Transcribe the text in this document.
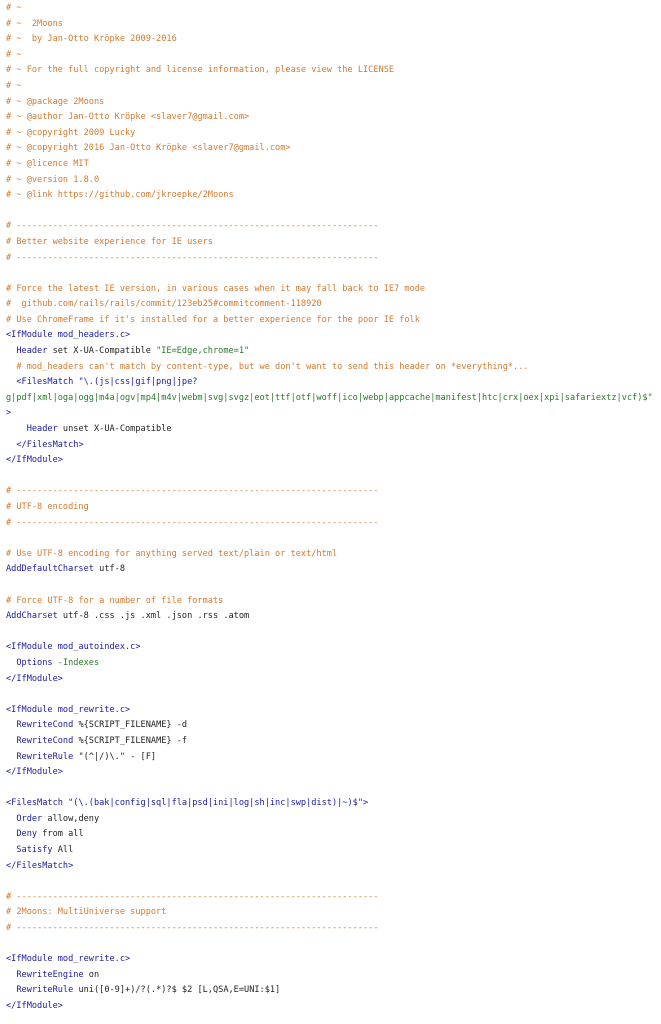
# ~
# ~  2Moons
# ~  by Jan-Otto Kröpke 2009-2016
# ~
# ~ For the full copyright and license information, please view the LICENSE
# ~
# ~ @package 2Moons
# ~ @author Jan-Otto Kröpke <slaver7@gmail.com>
# ~ @copyright 2009 Lucky
# ~ @copyright 2016 Jan-Otto Kröpke <slaver7@gmail.com>
# ~ @licence MIT
# ~ @version 1.8.0
# ~ @link https://github.com/jkroepke/2Moons
# ----------------------------------------------------------------------
# Better website experience for IE users
# ----------------------------------------------------------------------
# Force the latest IE version, in various cases when it may fall back to IE7 mode
#  github.com/rails/rails/commit/123eb25#commitcomment-118920
# Use ChromeFrame if it's installed for a better experience for the poor IE folk
<IfModule mod_headers.c>
Header set X-UA-Compatible "IE=Edge,chrome=1"
# mod_headers can't match by content-type, but we don't want to send this header on *everything*...
<FilesMatch "\.(js|css|gif|png|jpe?
g|pdf|xml|oga|ogg|m4a|ogv|mp4|m4v|webm|svg|svgz|eot|ttf|otf|woff|ico|webp|appcache|manifest|htc|crx|oex|xpi|safariextz|vcf)$"
>
Header unset X-UA-Compatible
</FilesMatch>
</IfModule>
# ----------------------------------------------------------------------
# UTF-8 encoding
# ----------------------------------------------------------------------
# Use UTF-8 encoding for anything served text/plain or text/html
AddDefaultCharset utf-8
# Force UTF-8 for a number of file formats
AddCharset utf-8 .css .js .xml .json .rss .atom
<IfModule mod_autoindex.c>
Options -Indexes
</IfModule>
<IfModule mod_rewrite.c>
RewriteCond %{SCRIPT_FILENAME} -d
RewriteCond %{SCRIPT_FILENAME} -f
RewriteRule "(^|/)\." - [F]
</IfModule>
<FilesMatch "(\.(bak|config|sql|fla|psd|ini|log|sh|inc|swp|dist)|~)$">
Order allow,deny
Deny from all
Satisfy All
</FilesMatch>
# ----------------------------------------------------------------------
# 2Moons: MultiUniverse support
# ----------------------------------------------------------------------
<IfModule mod_rewrite.c>
RewriteEngine on
RewriteRule uni([0-9]+)/?(.*)?$ $2 [L,QSA,E=UNI:$1]
</IfModule>
